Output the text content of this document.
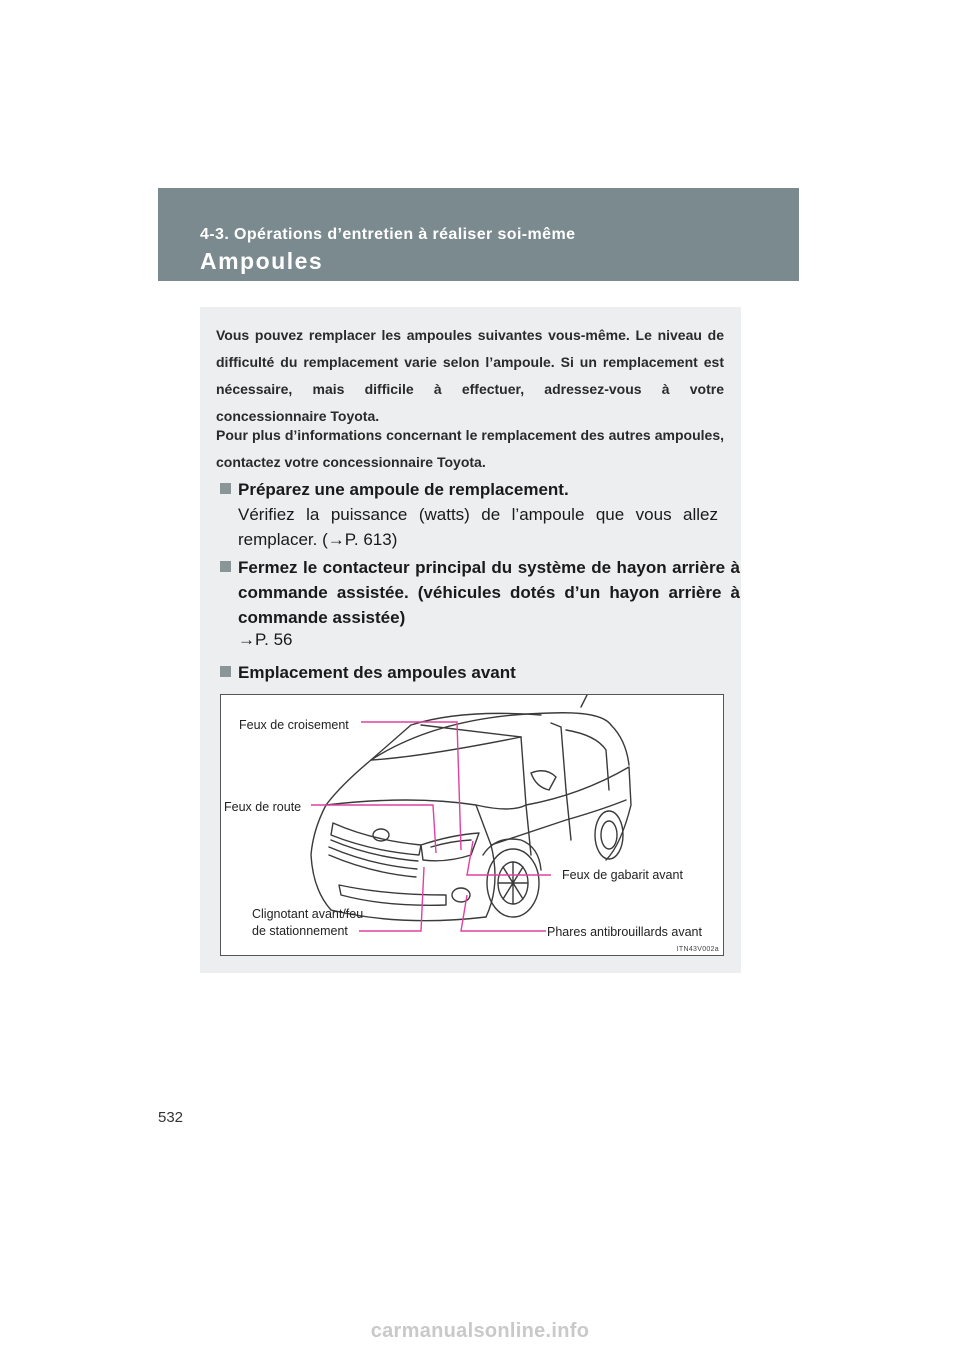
4-3. Opérations d’entretien à réaliser soi-même
Ampoules
Vous pouvez remplacer les ampoules suivantes vous-même. Le niveau de difficulté du remplacement varie selon l’ampoule. Si un remplacement est nécessaire, mais difficile à effectuer, adressez-vous à votre concessionnaire Toyota.
Pour plus d’informations concernant le remplacement des autres ampoules, contactez votre concessionnaire Toyota.
Préparez une ampoule de remplacement.
Vérifiez la puissance (watts) de l’ampoule que vous allez remplacer. (→P. 613)
Fermez le contacteur principal du système de hayon arrière à commande assistée. (véhicules dotés d’un hayon arrière à commande assistée)
→P. 56
Emplacement des ampoules avant
Feux de croisement
Feux de route
Feux de gabarit avant
Phares antibrouillards avant
Clignotant avant/feu de stationnement
ITN43V002a
532
carmanualsonline.info
